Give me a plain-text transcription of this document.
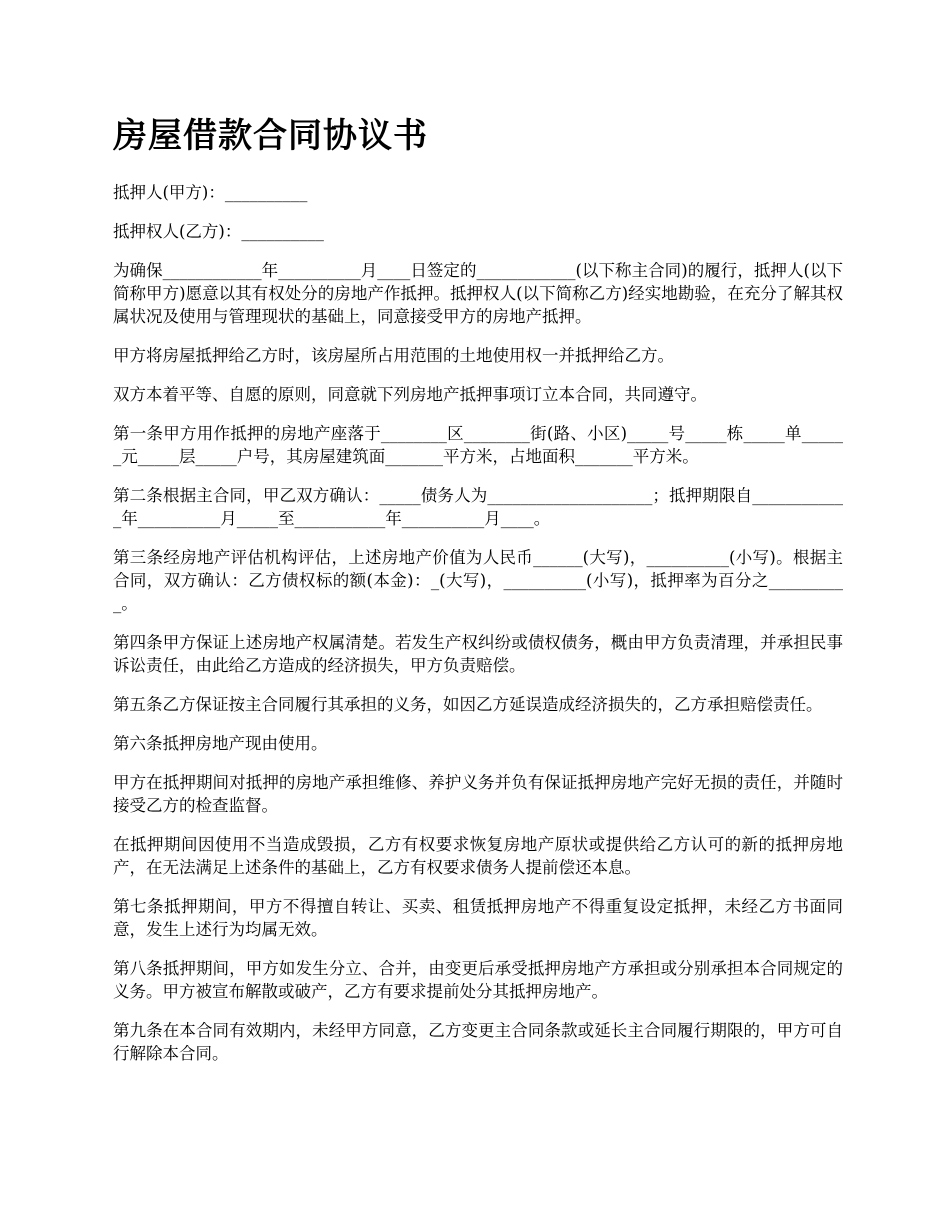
房屋借款合同协议书

抵押人(甲方)：__________

抵押权人(乙方)：__________

为确保____________年__________月____日签定的____________(以下称主合同)的履行，抵押人(以下简称甲方)愿意以其有权处分的房地产作抵押。抵押权人(以下简称乙方)经实地勘验，在充分了解其权属状况及使用与管理现状的基础上，同意接受甲方的房地产抵押。

甲方将房屋抵押给乙方时，该房屋所占用范围的土地使用权一并抵押给乙方。

双方本着平等、自愿的原则，同意就下列房地产抵押事项订立本合同，共同遵守。

第一条甲方用作抵押的房地产座落于________区________街(路、小区)_____号_____栋_____单______元_____层_____户号，其房屋建筑面_______平方米，占地面积_______平方米。

第二条根据主合同，甲乙双方确认：_____债务人为____________________；抵押期限自____________年__________月_____至___________年__________月____。

第三条经房地产评估机构评估，上述房地产价值为人民币______(大写)，__________(小写)。根据主合同，双方确认：乙方债权标的额(本金)：_(大写)，__________(小写)，抵押率为百分之__________。

第四条甲方保证上述房地产权属清楚。若发生产权纠纷或债权债务，概由甲方负责清理，并承担民事诉讼责任，由此给乙方造成的经济损失，甲方负责赔偿。

第五条乙方保证按主合同履行其承担的义务，如因乙方延误造成经济损失的，乙方承担赔偿责任。

第六条抵押房地产现由使用。

甲方在抵押期间对抵押的房地产承担维修、养护义务并负有保证抵押房地产完好无损的责任，并随时接受乙方的检查监督。

在抵押期间因使用不当造成毁损，乙方有权要求恢复房地产原状或提供给乙方认可的新的抵押房地产，在无法满足上述条件的基础上，乙方有权要求债务人提前偿还本息。

第七条抵押期间，甲方不得擅自转让、买卖、租赁抵押房地产不得重复设定抵押，未经乙方书面同意，发生上述行为均属无效。

第八条抵押期间，甲方如发生分立、合并，由变更后承受抵押房地产方承担或分别承担本合同规定的义务。甲方被宣布解散或破产，乙方有要求提前处分其抵押房地产。

第九条在本合同有效期内，未经甲方同意，乙方变更主合同条款或延长主合同履行期限的，甲方可自行解除本合同。
